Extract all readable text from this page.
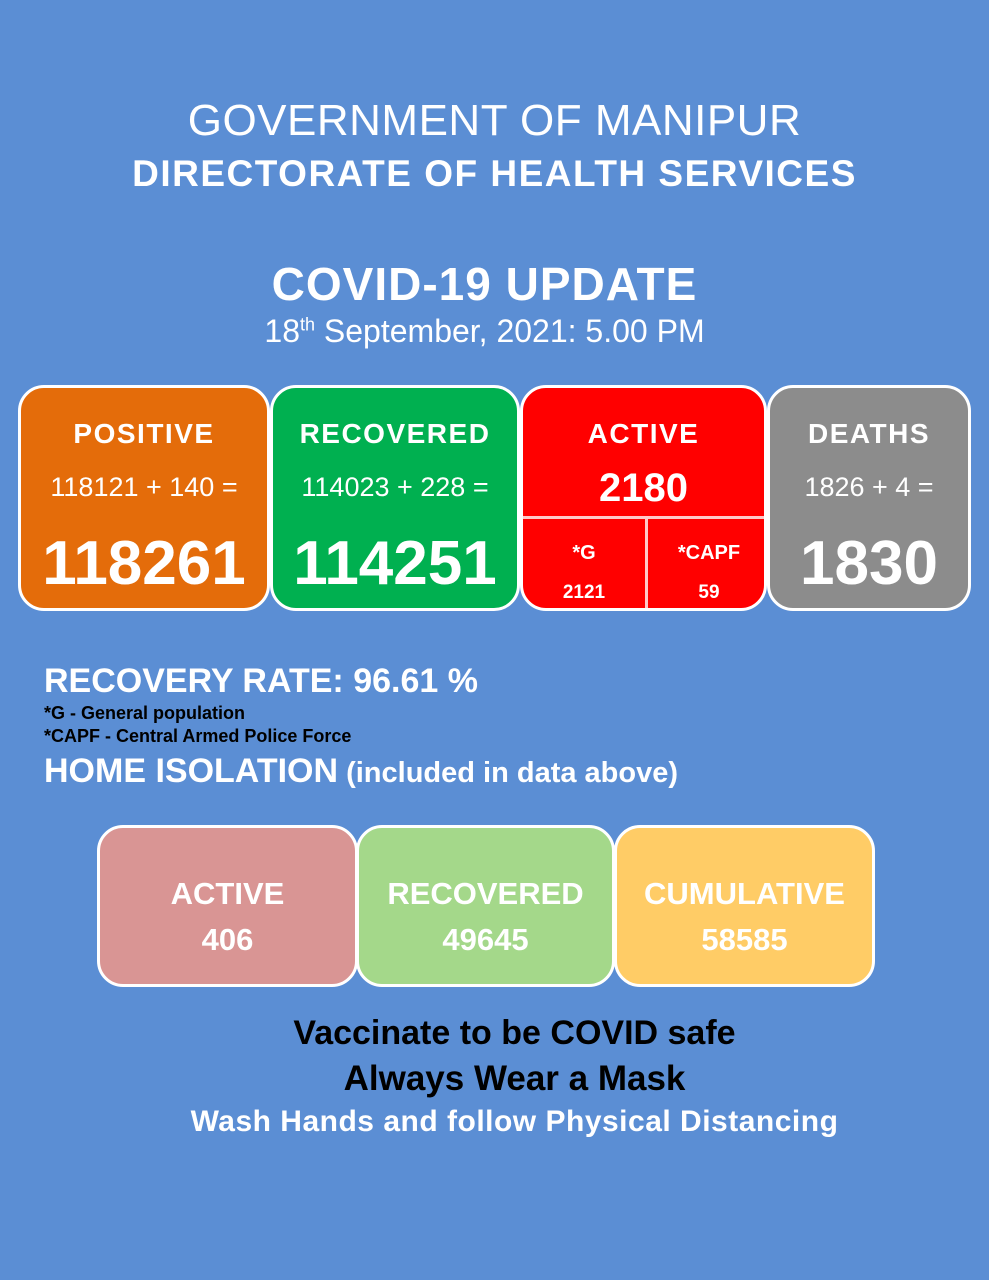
GOVERNMENT OF MANIPUR
DIRECTORATE OF HEALTH SERVICES
COVID-19 UPDATE
18th September, 2021: 5.00 PM
POSITIVE
118121 + 140 =
118261
RECOVERED
114023 + 228 =
114251
ACTIVE
2180
*G
2121
*CAPF
59
DEATHS
1826 + 4 =
1830
RECOVERY RATE: 96.61 %
*G - General population
*CAPF - Central Armed Police Force
HOME ISOLATION (included in data above)
ACTIVE
406
RECOVERED
49645
CUMULATIVE
58585
Vaccinate to be COVID safe
Always Wear a Mask
Wash Hands and follow Physical Distancing
